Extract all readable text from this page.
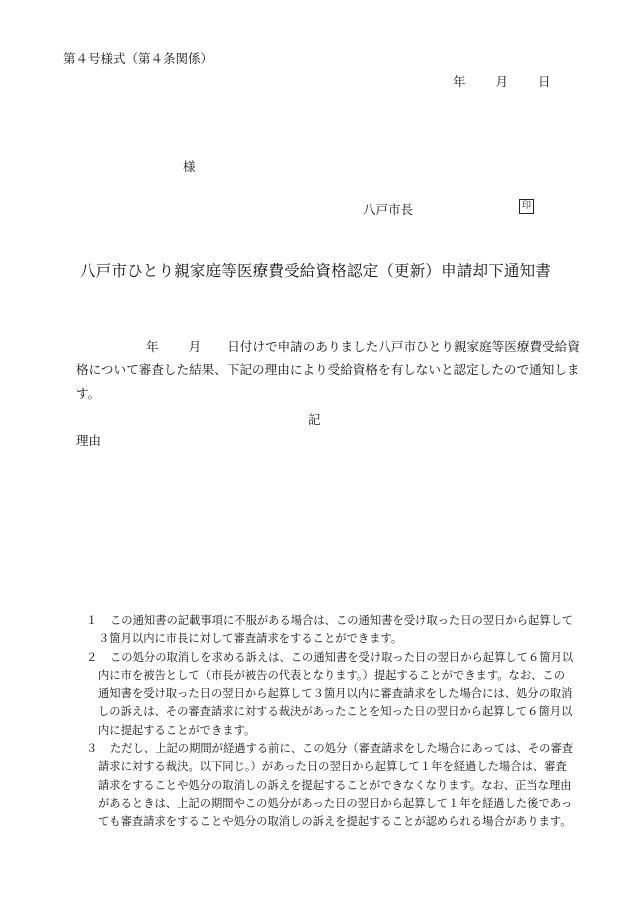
第４号様式（第４条関係）
年 月 日
様
八戸市長	印
八戸市ひとり親家庭等医療費受給資格認定（更新）申請却下通知書

年 月 日付けで申請のありました八戸市ひとり親家庭等医療費受給資格について審査した結果、下記の理由により受給資格を有しないと認定したので通知します。

記
理由
１ この通知書の記載事項に不服がある場合は、この通知書を受け取った日の翌日から起算して３箇月以内に市長に対して審査請求をすることができます。
２ この処分の取消しを求める訴えは、この通知書を受け取った日の翌日から起算して６箇月以内に市を被告として（市長が被告の代表となります。）提起することができます。なお、この通知書を受け取った日の翌日から起算して３箇月以内に審査請求をした場合には、処分の取消しの訴えは、その審査請求に対する裁決があったことを知った日の翌日から起算して６箇月以内に提起することができます。
３ ただし、上記の期間が経過する前に、この処分（審査請求をした場合にあっては、その審査請求に対する裁決。以下同じ。）があった日の翌日から起算して１年を経過した場合は、審査請求をすることや処分の取消しの訴えを提起することができなくなります。なお、正当な理由があるときは、上記の期間やこの処分があった日の翌日から起算して１年を経過した後であっても審査請求をすることや処分の取消しの訴えを提起することが認められる場合があります。
